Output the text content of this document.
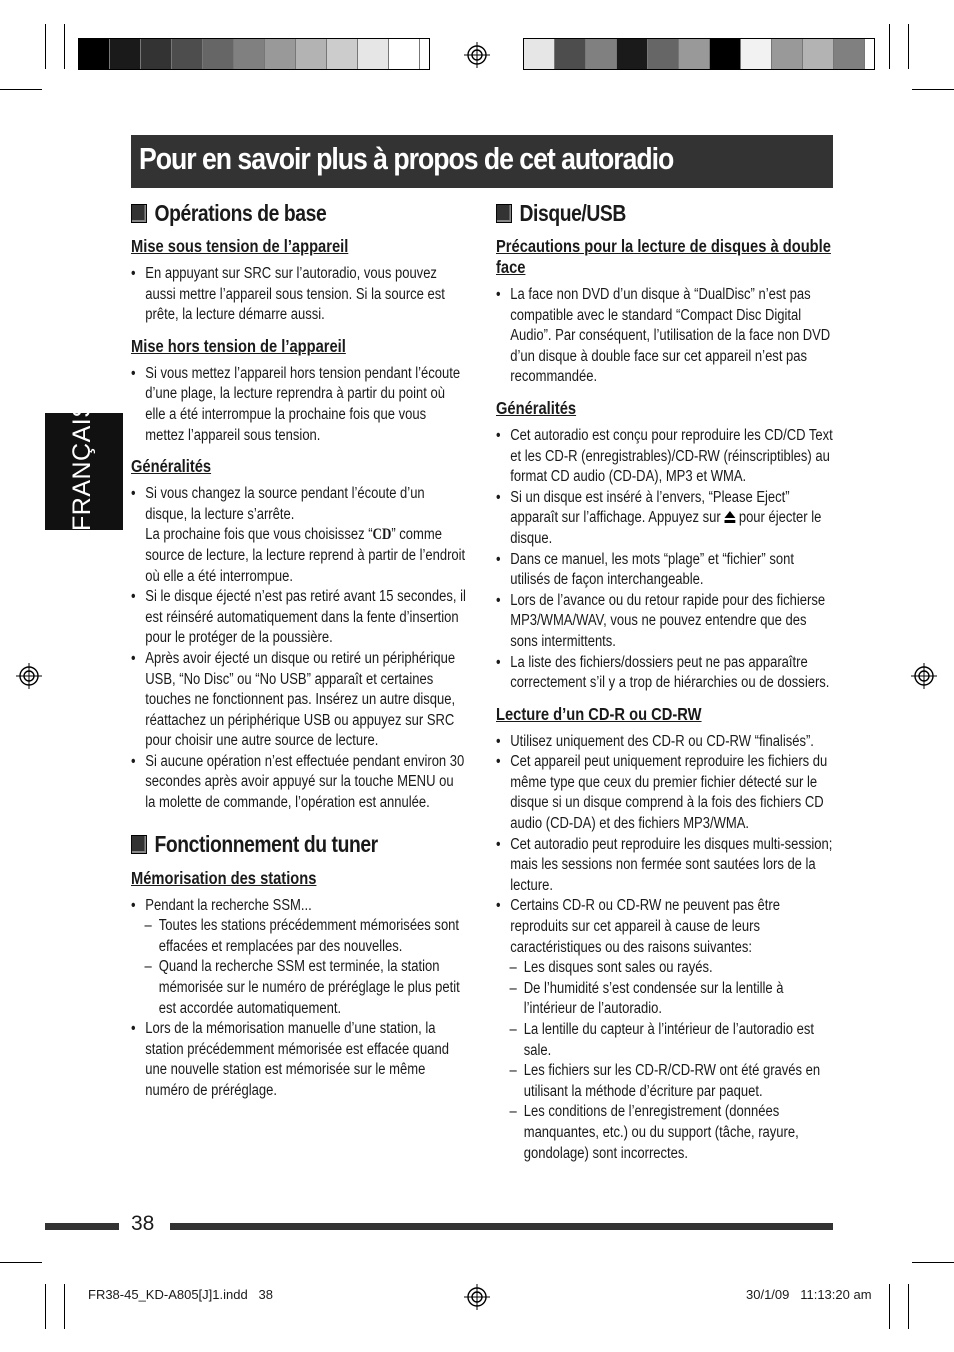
Pour en savoir plus à propos de cet autoradio
FRANÇAIS
Opérations de base
Mise sous tension de l’appareil
• En appuyant sur SRC sur l’autoradio, vous pouvez aussi mettre l’appareil sous tension. Si la source est prête, la lecture démarre aussi.
Mise hors tension de l’appareil
• Si vous mettez l’appareil hors tension pendant l’écoute d’une plage, la lecture reprendra à partir du point où elle a été interrompue la prochaine fois que vous mettez l’appareil sous tension.
Généralités
• Si vous changez la source pendant l’écoute d’un disque, la lecture s’arrête.
La prochaine fois que vous choisissez “CD” comme source de lecture, la lecture reprend à partir de l’endroit où elle a été interrompue.
• Si le disque éjecté n’est pas retiré avant 15 secondes, il est réinséré automatiquement dans la fente d’insertion pour le protéger de la poussière.
• Après avoir éjecté un disque ou retiré un périphérique USB, “No Disc” ou “No USB” apparaît et certaines touches ne fonctionnent pas. Insérez un autre disque, réattachez un périphérique USB ou appuyez sur SRC pour choisir une autre source de lecture.
• Si aucune opération n’est effectuée pendant environ 30 secondes après avoir appuyé sur la touche MENU ou la molette de commande, l’opération est annulée.
Fonctionnement du tuner
Mémorisation des stations
• Pendant la recherche SSM...
– Toutes les stations précédemment mémorisées sont effacées et remplacées par des nouvelles.
– Quand la recherche SSM est terminée, la station mémorisée sur le numéro de préréglage le plus petit est accordée automatiquement.
• Lors de la mémorisation manuelle d’une station, la station précédemment mémorisée est effacée quand une nouvelle station est mémorisée sur le même numéro de préréglage.
Disque/USB
Précautions pour la lecture de disques à double face
• La face non DVD d’un disque à “DualDisc” n’est pas compatible avec le standard “Compact Disc Digital Audio”. Par conséquent, l’utilisation de la face non DVD d’un disque à double face sur cet appareil n’est pas recommandée.
Généralités
• Cet autoradio est conçu pour reproduire les CD/CD Text et les CD-R (enregistrables)/CD-RW (réinscriptibles) au format CD audio (CD-DA), MP3 et WMA.
• Si un disque est inséré à l’envers, “Please Eject” apparaît sur l’affichage. Appuyez sur pour éjecter le disque.
• Dans ce manuel, les mots “plage” et “fichier” sont utilisés de façon interchangeable.
• Lors de l’avance ou du retour rapide pour des fichierse MP3/WMA/WAV, vous ne pouvez entendre que des sons intermittents.
• La liste des fichiers/dossiers peut ne pas apparaître correctement s’il y a trop de hiérarchies ou de dossiers.
Lecture d’un CD-R ou CD-RW
• Utilisez uniquement des CD-R ou CD-RW “finalisés”.
• Cet appareil peut uniquement reproduire les fichiers du même type que ceux du premier fichier détecté sur le disque si un disque comprend à la fois des fichiers CD audio (CD-DA) et des fichiers MP3/WMA.
• Cet autoradio peut reproduire les disques multi-session; mais les sessions non fermée sont sautées lors de la lecture.
• Certains CD-R ou CD-RW ne peuvent pas être reproduits sur cet appareil à cause de leurs caractéristiques ou des raisons suivantes:
– Les disques sont sales ou rayés.
– De l’humidité s’est condensée sur la lentille à l’intérieur de l’autoradio.
– La lentille du capteur à l’intérieur de l’autoradio est sale.
– Les fichiers sur les CD-R/CD-RW ont été gravés en utilisant la méthode d’écriture par paquet.
– Les conditions de l’enregistrement (données manquantes, etc.) ou du support (tâche, rayure, gondolage) sont incorrectes.
38
FR38-45_KD-A805[J]1.indd   38	30/1/09   11:13:20 am
